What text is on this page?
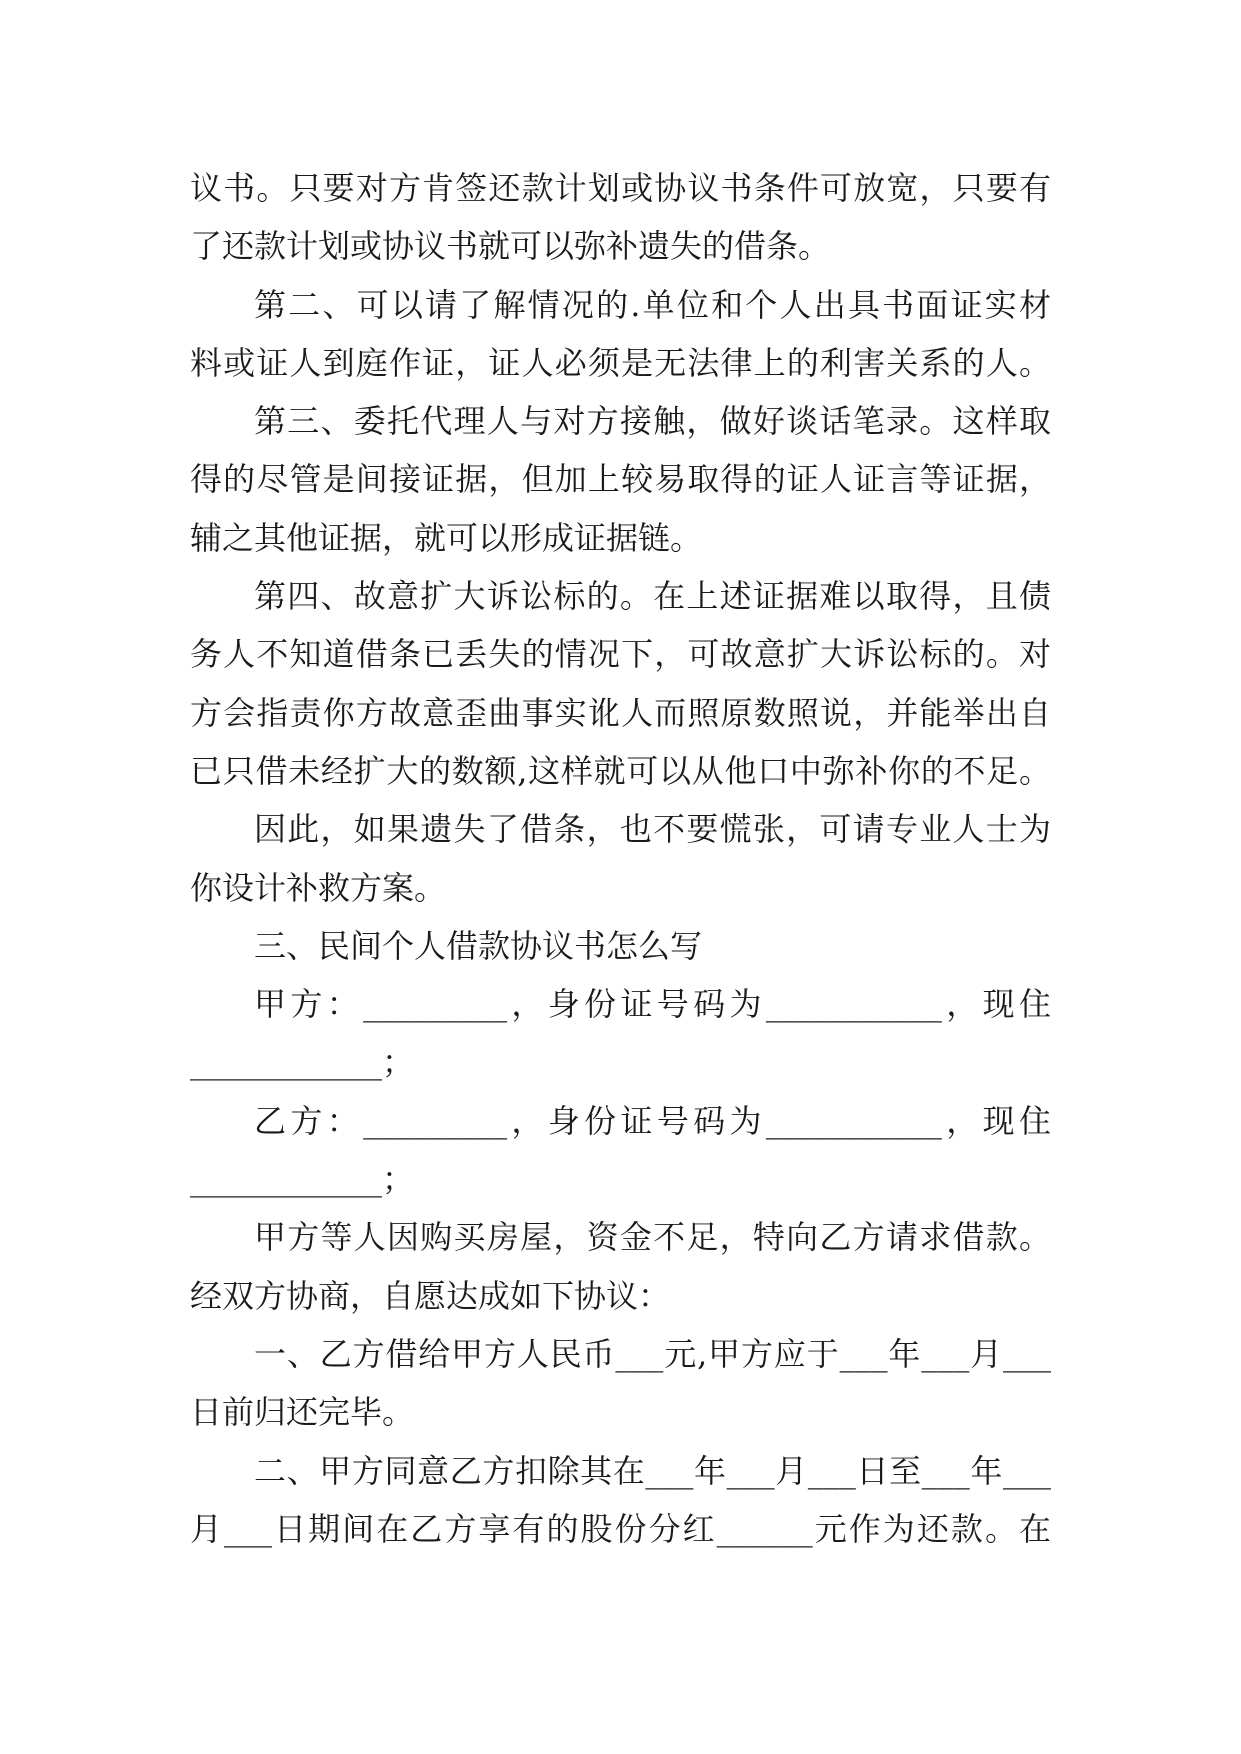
议书。只要对方肯签还款计划或协议书条件可放宽，只要有
了还款计划或协议书就可以弥补遗失的借条。
第二、可以请了解情况的.单位和个人出具书面证实材
料或证人到庭作证，证人必须是无法律上的利害关系的人。
第三、委托代理人与对方接触，做好谈话笔录。这样取
得的尽管是间接证据，但加上较易取得的证人证言等证据，
辅之其他证据，就可以形成证据链。
第四、故意扩大诉讼标的。在上述证据难以取得，且债
务人不知道借条已丢失的情况下，可故意扩大诉讼标的。对
方会指责你方故意歪曲事实讹人而照原数照说，并能举出自
已只借未经扩大的数额,这样就可以从他口中弥补你的不足。
因此，如果遗失了借条，也不要慌张，可请专业人士为
你设计补救方案。
三、民间个人借款协议书怎么写
甲方：_________，身份证号码为___________，现住
____________；
乙方：_________，身份证号码为___________，现住
____________；
甲方等人因购买房屋，资金不足，特向乙方请求借款。
经双方协商，自愿达成如下协议：
一、乙方借给甲方人民币___元,甲方应于___年___月___
日前归还完毕。
二、甲方同意乙方扣除其在___年___月___日至___年___
月___日期间在乙方享有的股份分红______元作为还款。在
